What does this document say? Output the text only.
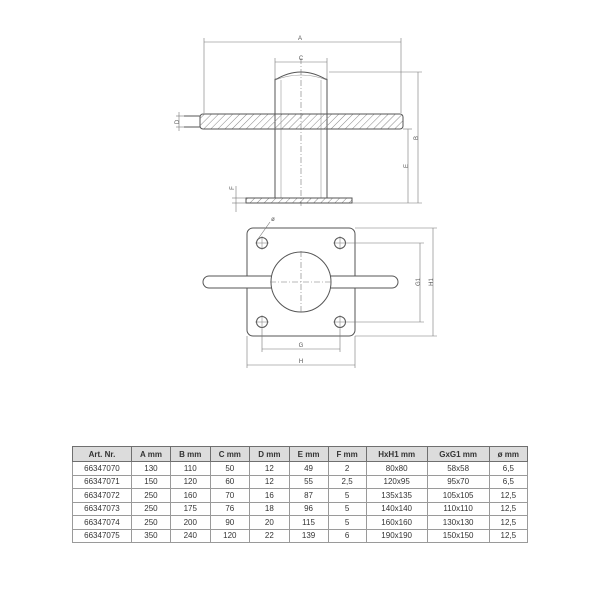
A
C
D
B
E
F
ø
G
H
G1 H1
Art. Nr.	A mm	B mm	C mm	D mm	E mm	F mm	HxH1 mm	GxG1 mm	ø mm
66347070	130	110	50	12	49	2	80x80	58x58	6,5
66347071	150	120	60	12	55	2,5	120x95	95x70	6,5
66347072	250	160	70	16	87	5	135x135	105x105	12,5
66347073	250	175	76	18	96	5	140x140	110x110	12,5
66347074	250	200	90	20	115	5	160x160	130x130	12,5
66347075	350	240	120	22	139	6	190x190	150x150	12,5
